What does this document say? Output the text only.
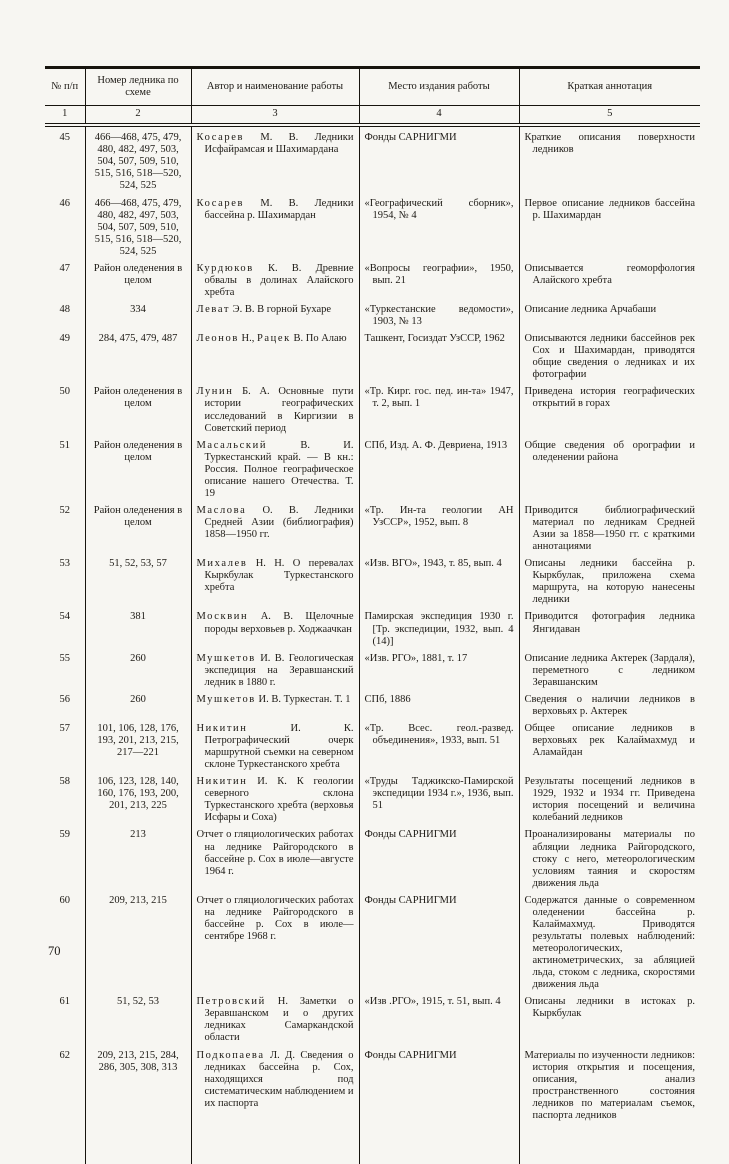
№ п/п	Номер ледника по схеме	Автор и наименование работы	Место издания работы	Краткая аннотация
1	2	3	4	5
45	466—468, 475, 479, 480, 482, 497, 503, 504, 507, 509, 510, 515, 516, 518—520, 524, 525	Косарев М. В. Ледники Исфайрамсая и Шахимардана	Фонды САРНИГМИ	Краткие описания поверхности ледников
46	466—468, 475, 479, 480, 482, 497, 503, 504, 507, 509, 510, 515, 516, 518—520, 524, 525	Косарев М. В. Ледники бассейна р. Шахимардан	«Географический сборник», 1954, № 4	Первое описание ледников бассейна р. Шахимардан
47	Район оледенения в целом	Курдюков К. В. Древние обвалы в долинах Алайского хребта	«Вопросы географии», 1950, вып. 21	Описывается геоморфология Алайского хребта
48	334	Леват Э. В. В горной Бухаре	«Туркестанские ведомости», 1903, № 13	Описание ледника Арчабаши
49	284, 475, 479, 487	Леонов Н., Рацек В. По Алаю	Ташкент, Госиздат УзССР, 1962	Описываются ледники бассейнов рек Сох и Шахимардан, приводятся общие сведения о ледниках и их фотографии
50	Район оледенения в целом	Лунин Б. А. Основные пути истории географических исследований в Киргизии в Советский период	«Тр. Кирг. гос. пед. ин-та» 1947, т. 2, вып. 1	Приведена история географических открытий в горах
51	Район оледенения в целом	Масальский В. И. Туркестанский край. — В кн.: Россия. Полное географическое описание нашего Отечества. Т. 19	СПб, Изд. А. Ф. Девриена, 1913	Общие сведения об орографии и оледенении района
52	Район оледенения в целом	Маслова О. В. Ледники Средней Азии (библиография) 1858—1950 гг.	«Тр. Ин-та геологии АН УзССР», 1952, вып. 8	Приводится библиографический материал по ледникам Средней Азии за 1858—1950 гг. с краткими аннотациями
53	51, 52, 53, 57	Михалев Н. Н. О перевалах Кыркбулак Туркестанского хребта	«Изв. ВГО», 1943, т. 85, вып. 4	Описаны ледники бассейна р. Кыркбулак, приложена схема маршрута, на которую нанесены ледники
54	381	Москвин А. В. Щелочные породы верховьев р. Ходжаачкан	Памирская экспедиция 1930 г. [Тр. экспедиции, 1932, вып. 4 (14)]	Приводится фотография ледника Янгидаван
55	260	Мушкетов И. В. Геологическая экспедиция на Зеравшанский ледник в 1880 г.	«Изв. РГО», 1881, т. 17	Описание ледника Актерек (Зардаля), переметного с ледником Зеравшанским
56	260	Мушкетов И. В. Туркестан. Т. 1	СПб, 1886	Сведения о наличии ледников в верховьях р. Актерек
57	101, 106, 128, 176, 193, 201, 213, 215, 217—221	Никитин И. К. Петрографический очерк маршрутной съемки на северном склоне Туркестанского хребта	«Тр. Всес. геол.-развед. объединения», 1933, вып. 51	Общее описание ледников в верховьях рек Калаймахмуд и Аламайдан
58	106, 123, 128, 140, 160, 176, 193, 200, 201, 213, 225	Никитин И. К. К геологии северного склона Туркестанского хребта (верховья Исфары и Соха)	«Труды Таджикско-Памирской экспедиции 1934 г.», 1936, вып. 51	Результаты посещений ледников в 1929, 1932 и 1934 гг. Приведена история посещений и величина колебаний ледников
59	213	Отчет о гляциологических работах на леднике Райгородского в бассейне р. Сох в июле—августе 1964 г.	Фонды САРНИГМИ	Проанализированы материалы по абляции ледника Райгородского, стоку с него, метеорологическим условиям таяния и скоростям движения льда
60	209, 213, 215	Отчет о гляциологических работах на леднике Райгородского в бассейне р. Сох в июле—сентябре 1968 г.	Фонды САРНИГМИ	Содержатся данные о современном оледенении бассейна р. Калаймахмуд. Приводятся результаты полевых наблюдений: метеорологических, актинометрических, за абляцией льда, стоком с ледника, скоростями движения льда
61	51, 52, 53	Петровский Н. Заметки о Зеравшанском и о других ледниках Самаркандской области	«Изв .РГО», 1915, т. 51, вып. 4	Описаны ледники в истоках р. Кыркбулак
62	209, 213, 215, 284, 286, 305, 308, 313	Подкопаева Л. Д. Сведения о ледниках бассейна р. Сох, находящихся под систематическим наблюдением и их паспорта	Фонды САРНИГМИ	Материалы по изученности ледников: история открытия и посещения, описания, анализ пространственного состояния ледников по материалам съемок, паспорта ледников
70
